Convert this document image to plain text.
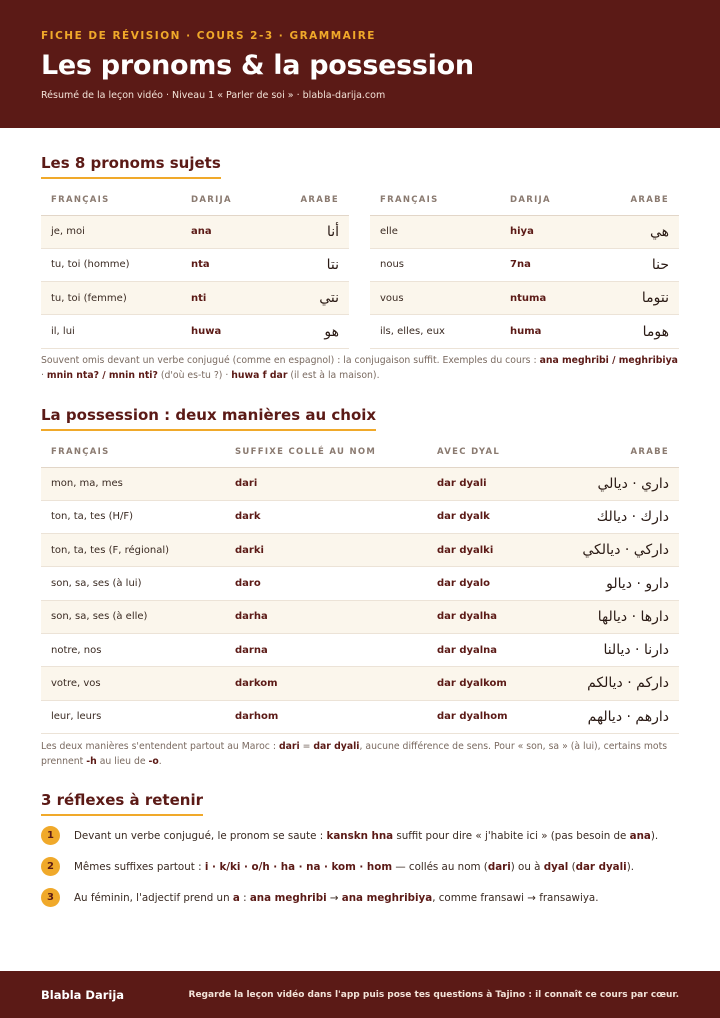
FICHE DE RÉVISION · COURS 2-3 · GRAMMAIRE
Les pronoms & la possession
Résumé de la leçon vidéo · Niveau 1 « Parler de soi » · blabla-darija.com
Les 8 pronoms sujets
FRANÇAIS	DARIJA	ARABE
je, moi	ana	أنا
tu, toi (homme)	nta	نتا
tu, toi (femme)	nti	نتي
il, lui	huwa	هو
FRANÇAIS	DARIJA	ARABE
elle	hiya	هي
nous	7na	حنا
vous	ntuma	نتوما
ils, elles, eux	huma	هوما
Souvent omis devant un verbe conjugué (comme en espagnol) : la conjugaison suffit. Exemples du cours : ana meghribi / meghribiya · mnin nta? / mnin nti? (d'où es-tu ?) · huwa f dar (il est à la maison).
La possession : deux manières au choix
FRANÇAIS	SUFFIXE COLLÉ AU NOM	AVEC DYAL	ARABE
mon, ma, mes	dari	dar dyali	داري · ديالي
ton, ta, tes (H/F)	dark	dar dyalk	دارك · ديالك
ton, ta, tes (F, régional)	darki	dar dyalki	داركي · ديالكي
son, sa, ses (à lui)	daro	dar dyalo	دارو · ديالو
son, sa, ses (à elle)	darha	dar dyalha	دارها · ديالها
notre, nos	darna	dar dyalna	دارنا · ديالنا
votre, vos	darkom	dar dyalkom	داركم · ديالكم
leur, leurs	darhom	dar dyalhom	دارهم · ديالهم
Les deux manières s'entendent partout au Maroc : dari = dar dyali, aucune différence de sens. Pour « son, sa » (à lui), certains mots prennent -h au lieu de -o.
3 réflexes à retenir
1	Devant un verbe conjugué, le pronom se saute : kanskn hna suffit pour dire « j'habite ici » (pas besoin de ana).
2	Mêmes suffixes partout : i · k/ki · o/h · ha · na · kom · hom — collés au nom (dari) ou à dyal (dar dyali).
3	Au féminin, l'adjectif prend un a : ana meghribi → ana meghribiya, comme fransawi → fransawiya.
Blabla Darija	Regarde la leçon vidéo dans l'app puis pose tes questions à Tajino : il connaît ce cours par cœur.
